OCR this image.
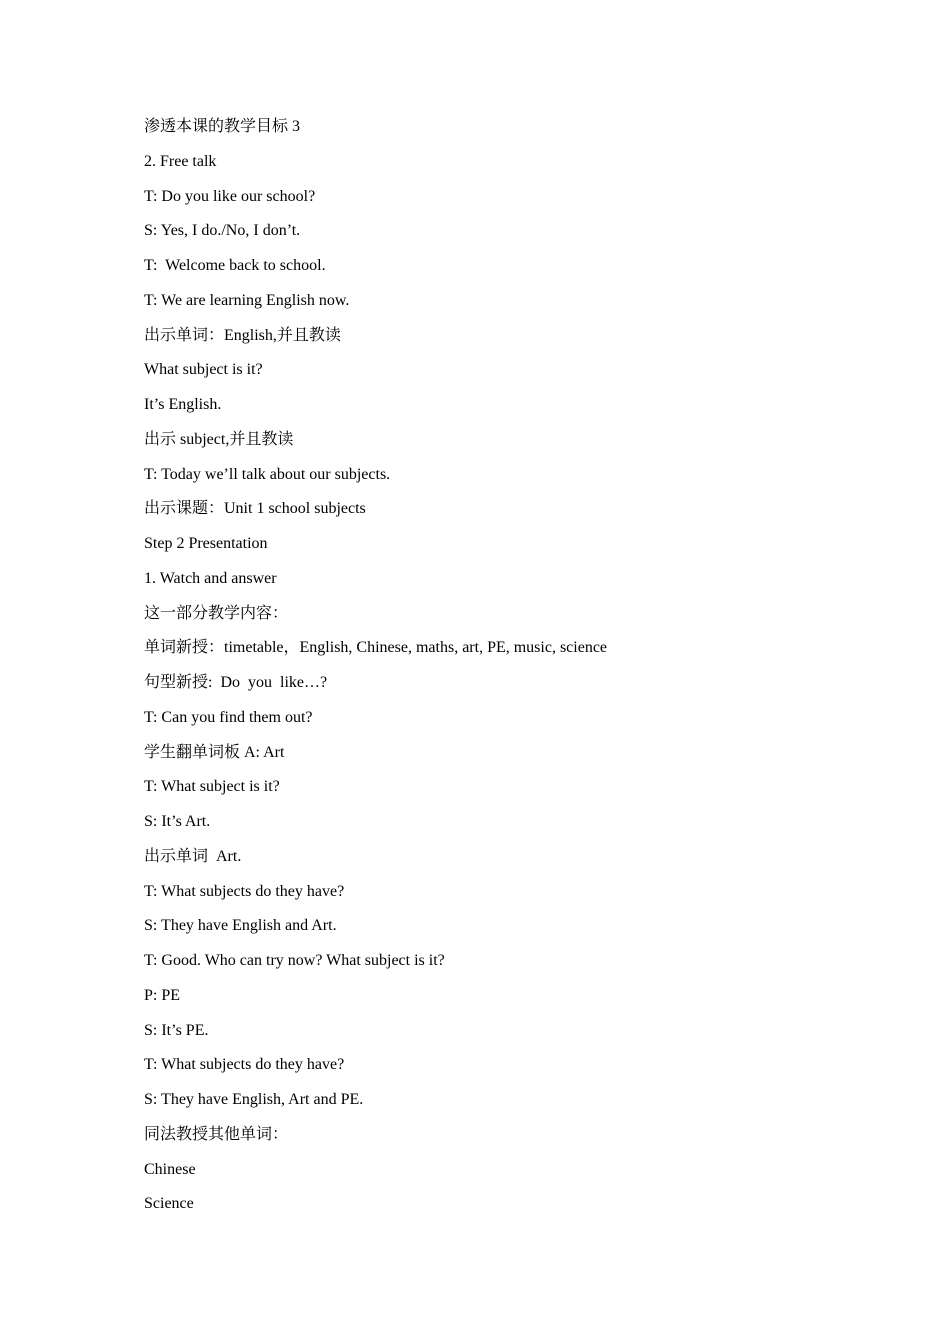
渗透本课的教学目标 3
2. Free talk
T: Do you like our school?
S: Yes, I do./No, I don’t.
T:  Welcome back to school.
T: We are learning English now.
出示单词：English,并且教读
What subject is it?
It’s English.
出示 subject,并且教读
T: Today we’ll talk about our subjects.
出示课题：Unit 1 school subjects
Step 2 Presentation
1. Watch and answer
这一部分教学内容：
单词新授：timetable，English, Chinese, maths, art, PE, music, science
句型新授:  Do  you  like…?
T: Can you find them out?
学生翻单词板 A: Art
T: What subject is it?
S: It’s Art.
出示单词  Art.
T: What subjects do they have?
S: They have English and Art.
T: Good. Who can try now? What subject is it?
P: PE
S: It’s PE.
T: What subjects do they have?
S: They have English, Art and PE.
同法教授其他单词：
Chinese
Science
